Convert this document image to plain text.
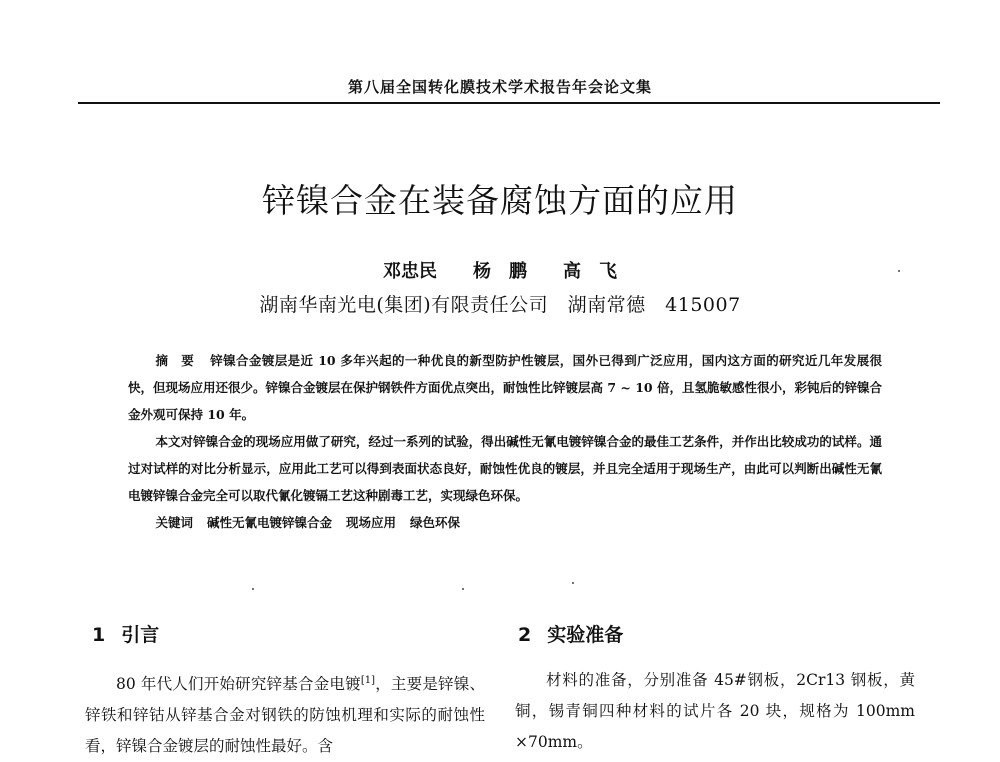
第八届全国转化膜技术学术报告年会论文集
锌镍合金在装备腐蚀方面的应用
邓忠民 杨　鹏 高　飞
湖南华南光电(集团)有限责任公司　湖南常德　415007

摘　要 锌镍合金镀层是近 10 多年兴起的一种优良的新型防护性镀层，国外已得到广泛应用，国内这方面的研究近几年发展很快，但现场应用还很少。锌镍合金镀层在保护钢铁件方面优点突出，耐蚀性比锌镀层高 7 ~ 10 倍，且氢脆敏感性很小，彩钝后的锌镍合金外观可保持 10 年。

本文对锌镍合金的现场应用做了研究，经过一系列的试验，得出碱性无氰电镀锌镍合金的最佳工艺条件，并作出比较成功的试样。通过对试样的对比分析显示，应用此工艺可以得到表面状态良好，耐蚀性优良的镀层，并且完全适用于现场生产，由此可以判断出碱性无氰电镀锌镍合金完全可以取代氰化镀镉工艺这种剧毒工艺，实现绿色环保。

关键词 碱性无氰电镀锌镍合金 现场应用 绿色环保

1 引言	2 实验准备

80 年代人们开始研究锌基合金电镀[1]，主要是锌镍、锌铁和锌钴从锌基合金对钢铁的防蚀机理和实际的耐蚀性看，锌镍合金镀层的耐蚀性最好。含

材料的准备，分别准备 45#钢板，2Cr13 钢板，黄铜，锡青铜四种材料的试片各 20 块，规格为 100mm ×70mm。
